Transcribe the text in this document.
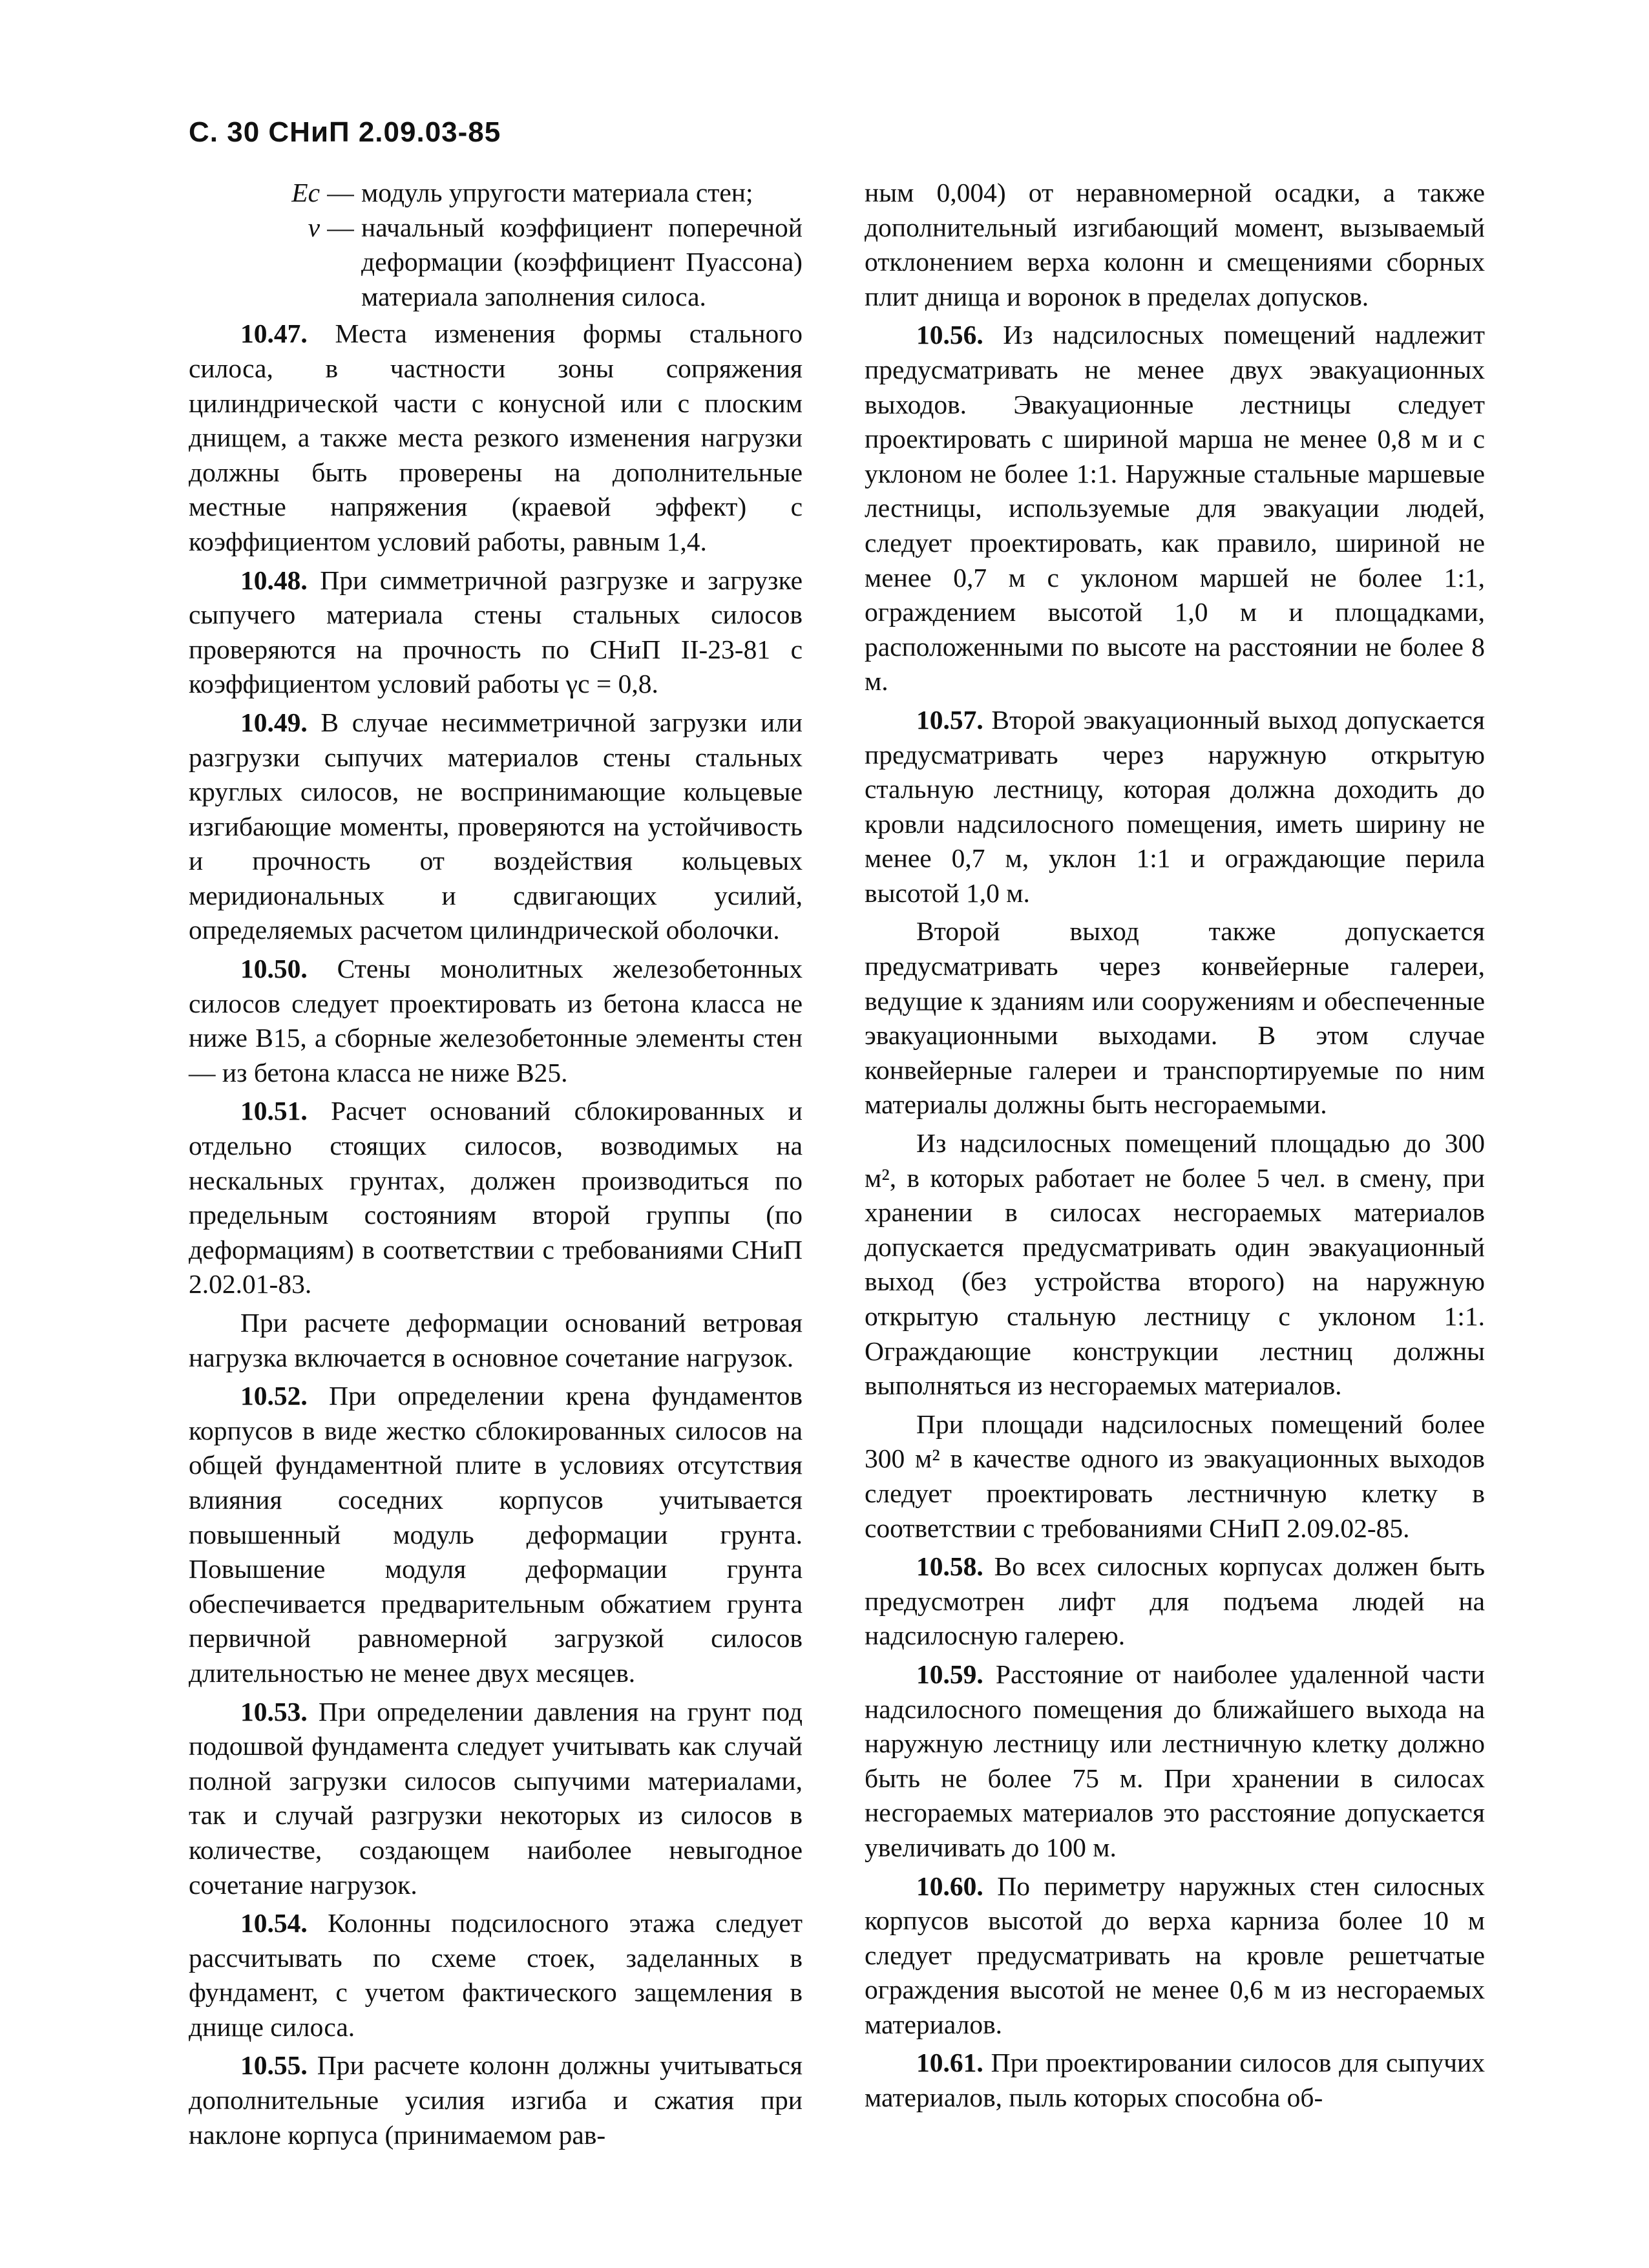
С. 30 СНиП 2.09.03-85
Eс — модуль упругости материала стен;
ν — начальный коэффициент поперечной деформации (коэффициент Пуассона) материала заполнения силоса.

10.47. Места изменения формы стального силоса, в частности зоны сопряжения цилиндрической части с конусной или с плоским днищем, а также места резкого изменения нагрузки должны быть проверены на дополнительные местные напряжения (краевой эффект) с коэффициентом условий работы, равным 1,4.

10.48. При симметричной разгрузке и загрузке сыпучего материала стены стальных силосов проверяются на прочность по СНиП II-23-81 с коэффициентом условий работы γс = 0,8.

10.49. В случае несимметричной загрузки или разгрузки сыпучих материалов стены стальных круглых силосов, не воспринимающие кольцевые изгибающие моменты, проверяются на устойчивость и прочность от воздействия кольцевых меридиональных и сдвигающих усилий, определяемых расчетом цилиндрической оболочки.

10.50. Стены монолитных железобетонных силосов следует проектировать из бетона класса не ниже В15, а сборные железобетонные элементы стен — из бетона класса не ниже В25.

10.51. Расчет оснований сблокированных и отдельно стоящих силосов, возводимых на нескальных грунтах, должен производиться по предельным состояниям второй группы (по деформациям) в соответствии с требованиями СНиП 2.02.01-83.

При расчете деформации оснований ветровая нагрузка включается в основное сочетание нагрузок.

10.52. При определении крена фундаментов корпусов в виде жестко сблокированных силосов на общей фундаментной плите в условиях отсутствия влияния соседних корпусов учитывается повышенный модуль деформации грунта. Повышение модуля деформации грунта обеспечивается предварительным обжатием грунта первичной равномерной загрузкой силосов длительностью не менее двух месяцев.

10.53. При определении давления на грунт под подошвой фундамента следует учитывать как случай полной загрузки силосов сыпучими материалами, так и случай разгрузки некоторых из силосов в количестве, создающем наиболее невыгодное сочетание нагрузок.

10.54. Колонны подсилосного этажа следует рассчитывать по схеме стоек, заделанных в фундамент, с учетом фактического защемления в днище силоса.

10.55. При расчете колонн должны учитываться дополнительные усилия изгиба и сжатия при наклоне корпуса (принимаемом рав-

ным 0,004) от неравномерной осадки, а также дополнительный изгибающий момент, вызываемый отклонением верха колонн и смещениями сборных плит днища и воронок в пределах допусков.

10.56. Из надсилосных помещений надлежит предусматривать не менее двух эвакуационных выходов. Эвакуационные лестницы следует проектировать с шириной марша не менее 0,8 м и с уклоном не более 1:1. Наружные стальные маршевые лестницы, используемые для эвакуации людей, следует проектировать, как правило, шириной не менее 0,7 м с уклоном маршей не более 1:1, ограждением высотой 1,0 м и площадками, расположенными по высоте на расстоянии не более 8 м.

10.57. Второй эвакуационный выход допускается предусматривать через наружную открытую стальную лестницу, которая должна доходить до кровли надсилосного помещения, иметь ширину не менее 0,7 м, уклон 1:1 и ограждающие перила высотой 1,0 м.

Второй выход также допускается предусматривать через конвейерные галереи, ведущие к зданиям или сооружениям и обеспеченные эвакуационными выходами. В этом случае конвейерные галереи и транспортируемые по ним материалы должны быть несгораемыми.

Из надсилосных помещений площадью до 300 м², в которых работает не более 5 чел. в смену, при хранении в силосах несгораемых материалов допускается предусматривать один эвакуационный выход (без устройства второго) на наружную открытую стальную лестницу с уклоном 1:1. Ограждающие конструкции лестниц должны выполняться из несгораемых материалов.

При площади надсилосных помещений более 300 м² в качестве одного из эвакуационных выходов следует проектировать лестничную клетку в соответствии с требованиями СНиП 2.09.02-85.

10.58. Во всех силосных корпусах должен быть предусмотрен лифт для подъема людей на надсилосную галерею.

10.59. Расстояние от наиболее удаленной части надсилосного помещения до ближайшего выхода на наружную лестницу или лестничную клетку должно быть не более 75 м. При хранении в силосах несгораемых материалов это расстояние допускается увеличивать до 100 м.

10.60. По периметру наружных стен силосных корпусов высотой до верха карниза более 10 м следует предусматривать на кровле решетчатые ограждения высотой не менее 0,6 м из несгораемых материалов.

10.61. При проектировании силосов для сыпучих материалов, пыль которых способна об-
